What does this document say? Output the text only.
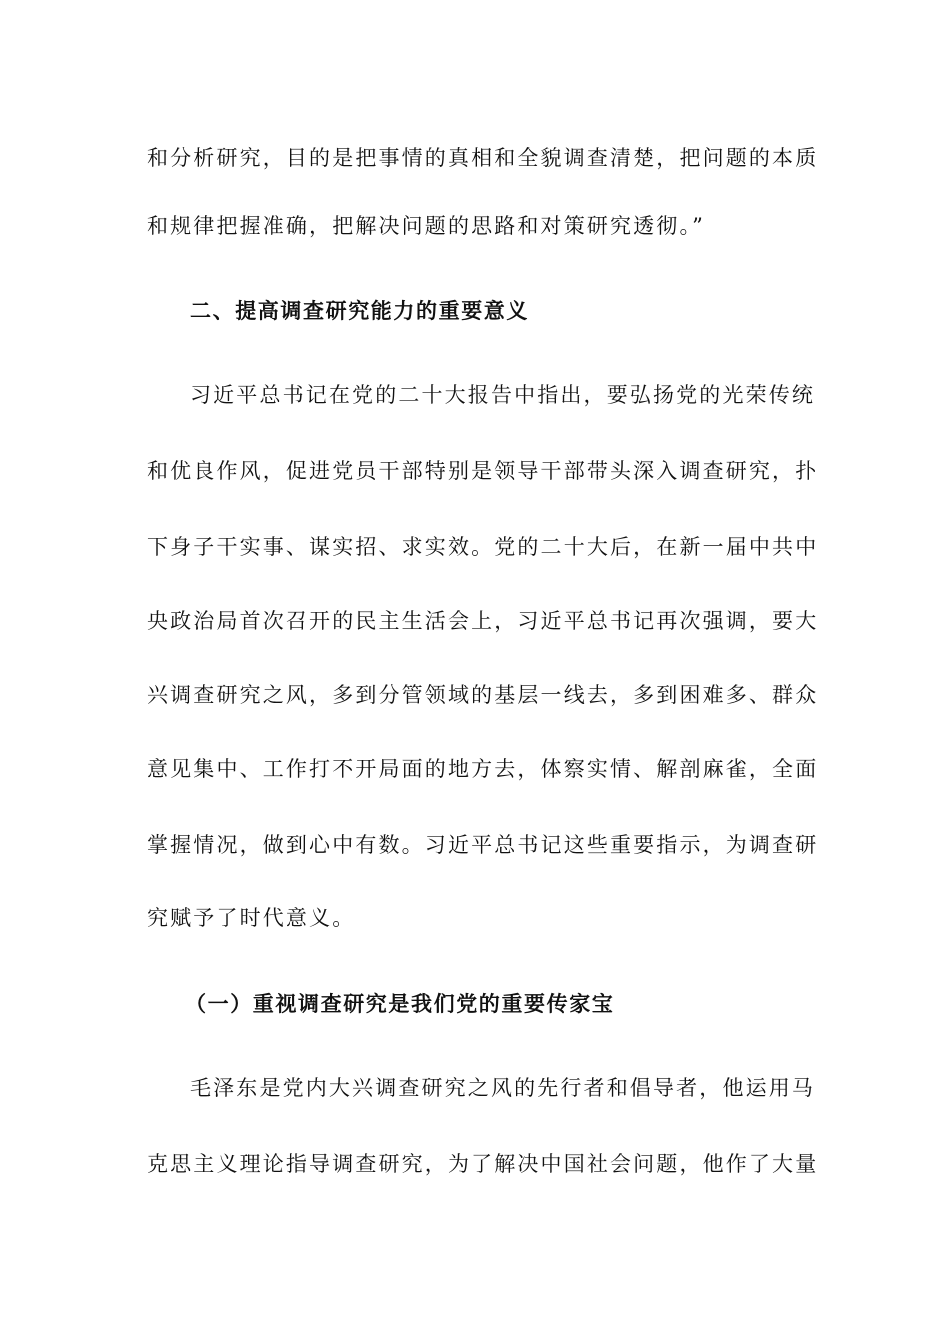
和分析研究，目的是把事情的真相和全貌调查清楚，把问题的本质
和规律把握准确，把解决问题的思路和对策研究透彻。”
二、提高调查研究能力的重要意义
习近平总书记在党的二十大报告中指出，要弘扬党的光荣传统
和优良作风，促进党员干部特别是领导干部带头深入调查研究，扑
下身子干实事、谋实招、求实效。党的二十大后，在新一届中共中
央政治局首次召开的民主生活会上，习近平总书记再次强调，要大
兴调查研究之风，多到分管领域的基层一线去，多到困难多、群众
意见集中、工作打不开局面的地方去，体察实情、解剖麻雀，全面
掌握情况，做到心中有数。习近平总书记这些重要指示，为调查研
究赋予了时代意义。
（一）重视调查研究是我们党的重要传家宝
毛泽东是党内大兴调查研究之风的先行者和倡导者，他运用马
克思主义理论指导调查研究，为了解决中国社会问题，他作了大量
